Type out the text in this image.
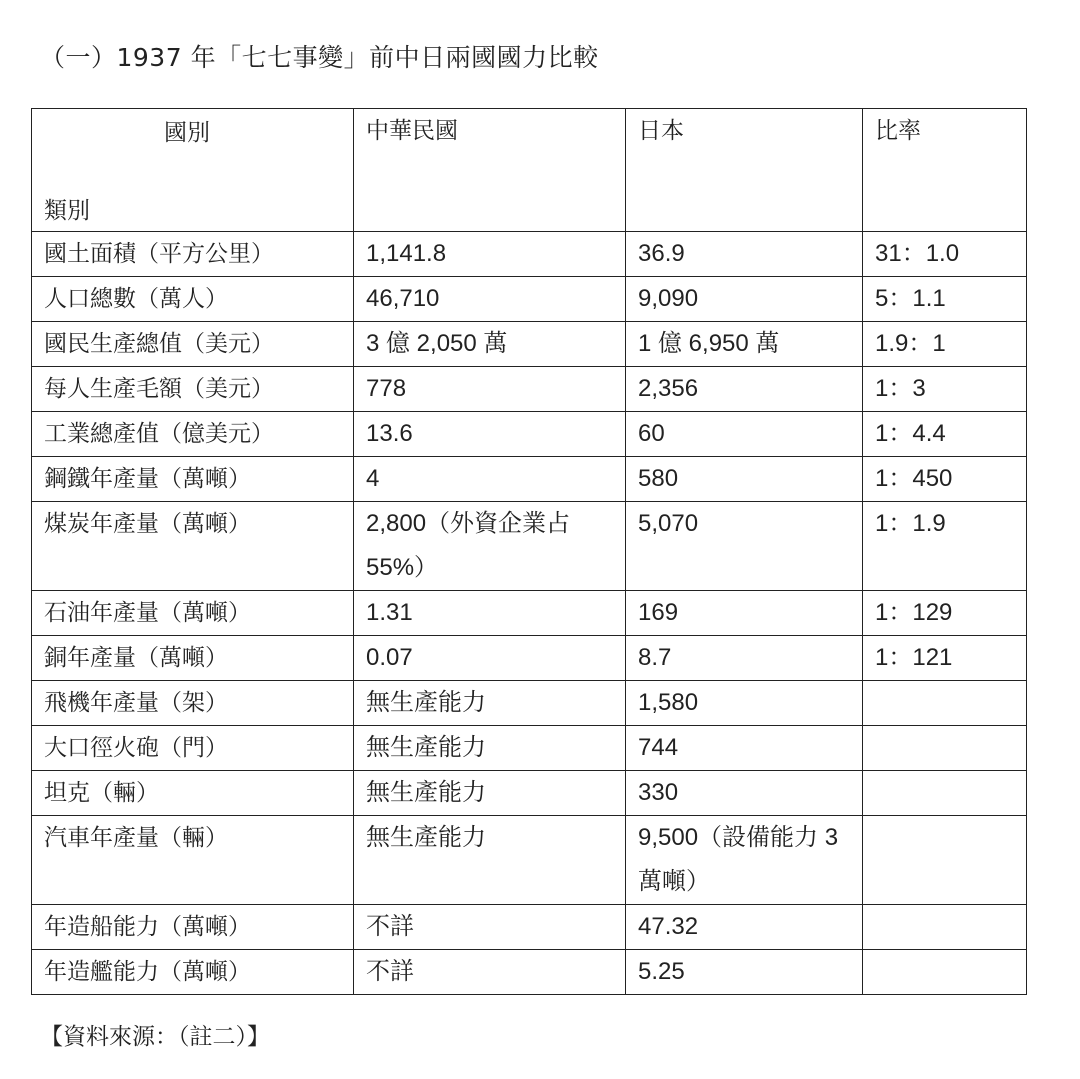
（一）1937 年「七七事變」前中日兩國國力比較
國別
類別	中華民國	日本	比率
國土面積（平方公里）	1,141.8	36.9	31：1.0
人口總數（萬人）	46,710	9,090	5：1.1
國民生產總值（美元）	3 億 2,050 萬	1 億 6,950 萬	1.9：1
每人生產毛額（美元）	778	2,356	1：3
工業總產值（億美元）	13.6	60	1：4.4
鋼鐵年產量（萬噸）	4	580	1：450
煤炭年產量（萬噸）	2,800（外資企業占 55%）	5,070	1：1.9
石油年產量（萬噸）	1.31	169	1：129
銅年產量（萬噸）	0.07	8.7	1：121
飛機年產量（架）	無生產能力	1,580	
大口徑火砲（門）	無生產能力	744	
坦克（輛）	無生產能力	330	
汽車年產量（輛）	無生產能力	9,500（設備能力 3 萬噸）	
年造船能力（萬噸）	不詳	47.32	
年造艦能力（萬噸）	不詳	5.25	
【資料來源：（註二）】
